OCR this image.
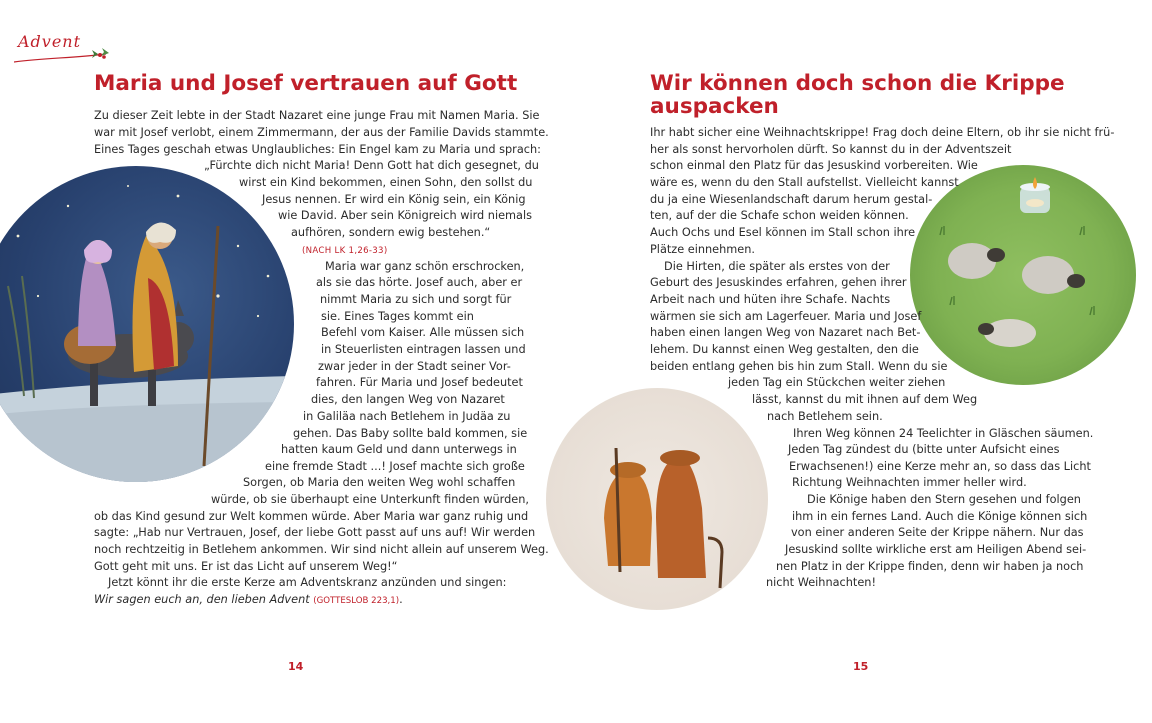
Advent
Maria und Josef vertrauen auf Gott
Zu dieser Zeit lebte in der Stadt Nazaret eine junge Frau mit Namen Maria. Sie
war mit Josef verlobt, einem Zimmermann, der aus der Familie Davids stammte.
Eines Tages geschah etwas Unglaubliches: Ein Engel kam zu Maria und sprach:
„Fürchte dich nicht Maria! Denn Gott hat dich gesegnet, du
wirst ein Kind bekommen, einen Sohn, den sollst du
Jesus nennen. Er wird ein König sein, ein König
wie David. Aber sein Königreich wird niemals
aufhören, sondern ewig bestehen.“
(NACH LK 1,26-33)
Maria war ganz schön erschrocken,
als sie das hörte. Josef auch, aber er
nimmt Maria zu sich und sorgt für
sie. Eines Tages kommt ein
Befehl vom Kaiser. Alle müssen sich
in Steuerlisten eintragen lassen und
zwar jeder in der Stadt seiner Vor-
fahren. Für Maria und Josef bedeutet
dies, den langen Weg von Nazaret
in Galiläa nach Betlehem in Judäa zu
gehen. Das Baby sollte bald kommen, sie
hatten kaum Geld und dann unterwegs in
eine fremde Stadt ...! Josef machte sich große
Sorgen, ob Maria den weiten Weg wohl schaffen
würde, ob sie überhaupt eine Unterkunft finden würden,
ob das Kind gesund zur Welt kommen würde. Aber Maria war ganz ruhig und
sagte: „Hab nur Vertrauen, Josef, der liebe Gott passt auf uns auf! Wir werden
noch rechtzeitig in Betlehem ankommen. Wir sind nicht allein auf unserem Weg.
Gott geht mit uns. Er ist das Licht auf unserem Weg!“
Jetzt könnt ihr die erste Kerze am Adventskranz anzünden und singen:
Wir sagen euch an, den lieben Advent (GOTTESLOB 223,1).
14
Wir können doch schon die Krippe
auspacken
Ihr habt sicher eine Weihnachtskrippe! Frag doch deine Eltern, ob ihr sie nicht frü-
her als sonst hervorholen dürft. So kannst du in der Adventszeit
schon einmal den Platz für das Jesuskind vorbereiten. Wie
wäre es, wenn du den Stall aufstellst. Vielleicht kannst
du ja eine Wiesenlandschaft darum herum gestal-
ten, auf der die Schafe schon weiden können.
Auch Ochs und Esel können im Stall schon ihre
Plätze einnehmen.
Die Hirten, die später als erstes von der
Geburt des Jesuskindes erfahren, gehen ihrer
Arbeit nach und hüten ihre Schafe. Nachts
wärmen sie sich am Lagerfeuer. Maria und Josef
haben einen langen Weg von Nazaret nach Bet-
lehem. Du kannst einen Weg gestalten, den die
beiden entlang gehen bis hin zum Stall. Wenn du sie
jeden Tag ein Stückchen weiter ziehen
lässt, kannst du mit ihnen auf dem Weg
nach Betlehem sein.
Ihren Weg können 24 Teelichter in Gläschen säumen.
Jeden Tag zündest du (bitte unter Aufsicht eines
Erwachsenen!) eine Kerze mehr an, so dass das Licht
Richtung Weihnachten immer heller wird.
Die Könige haben den Stern gesehen und folgen
ihm in ein fernes Land. Auch die Könige können sich
von einer anderen Seite der Krippe nähern. Nur das
Jesuskind sollte wirkliche erst am Heiligen Abend sei-
nen Platz in der Krippe finden, denn wir haben ja noch
nicht Weihnachten!
15
